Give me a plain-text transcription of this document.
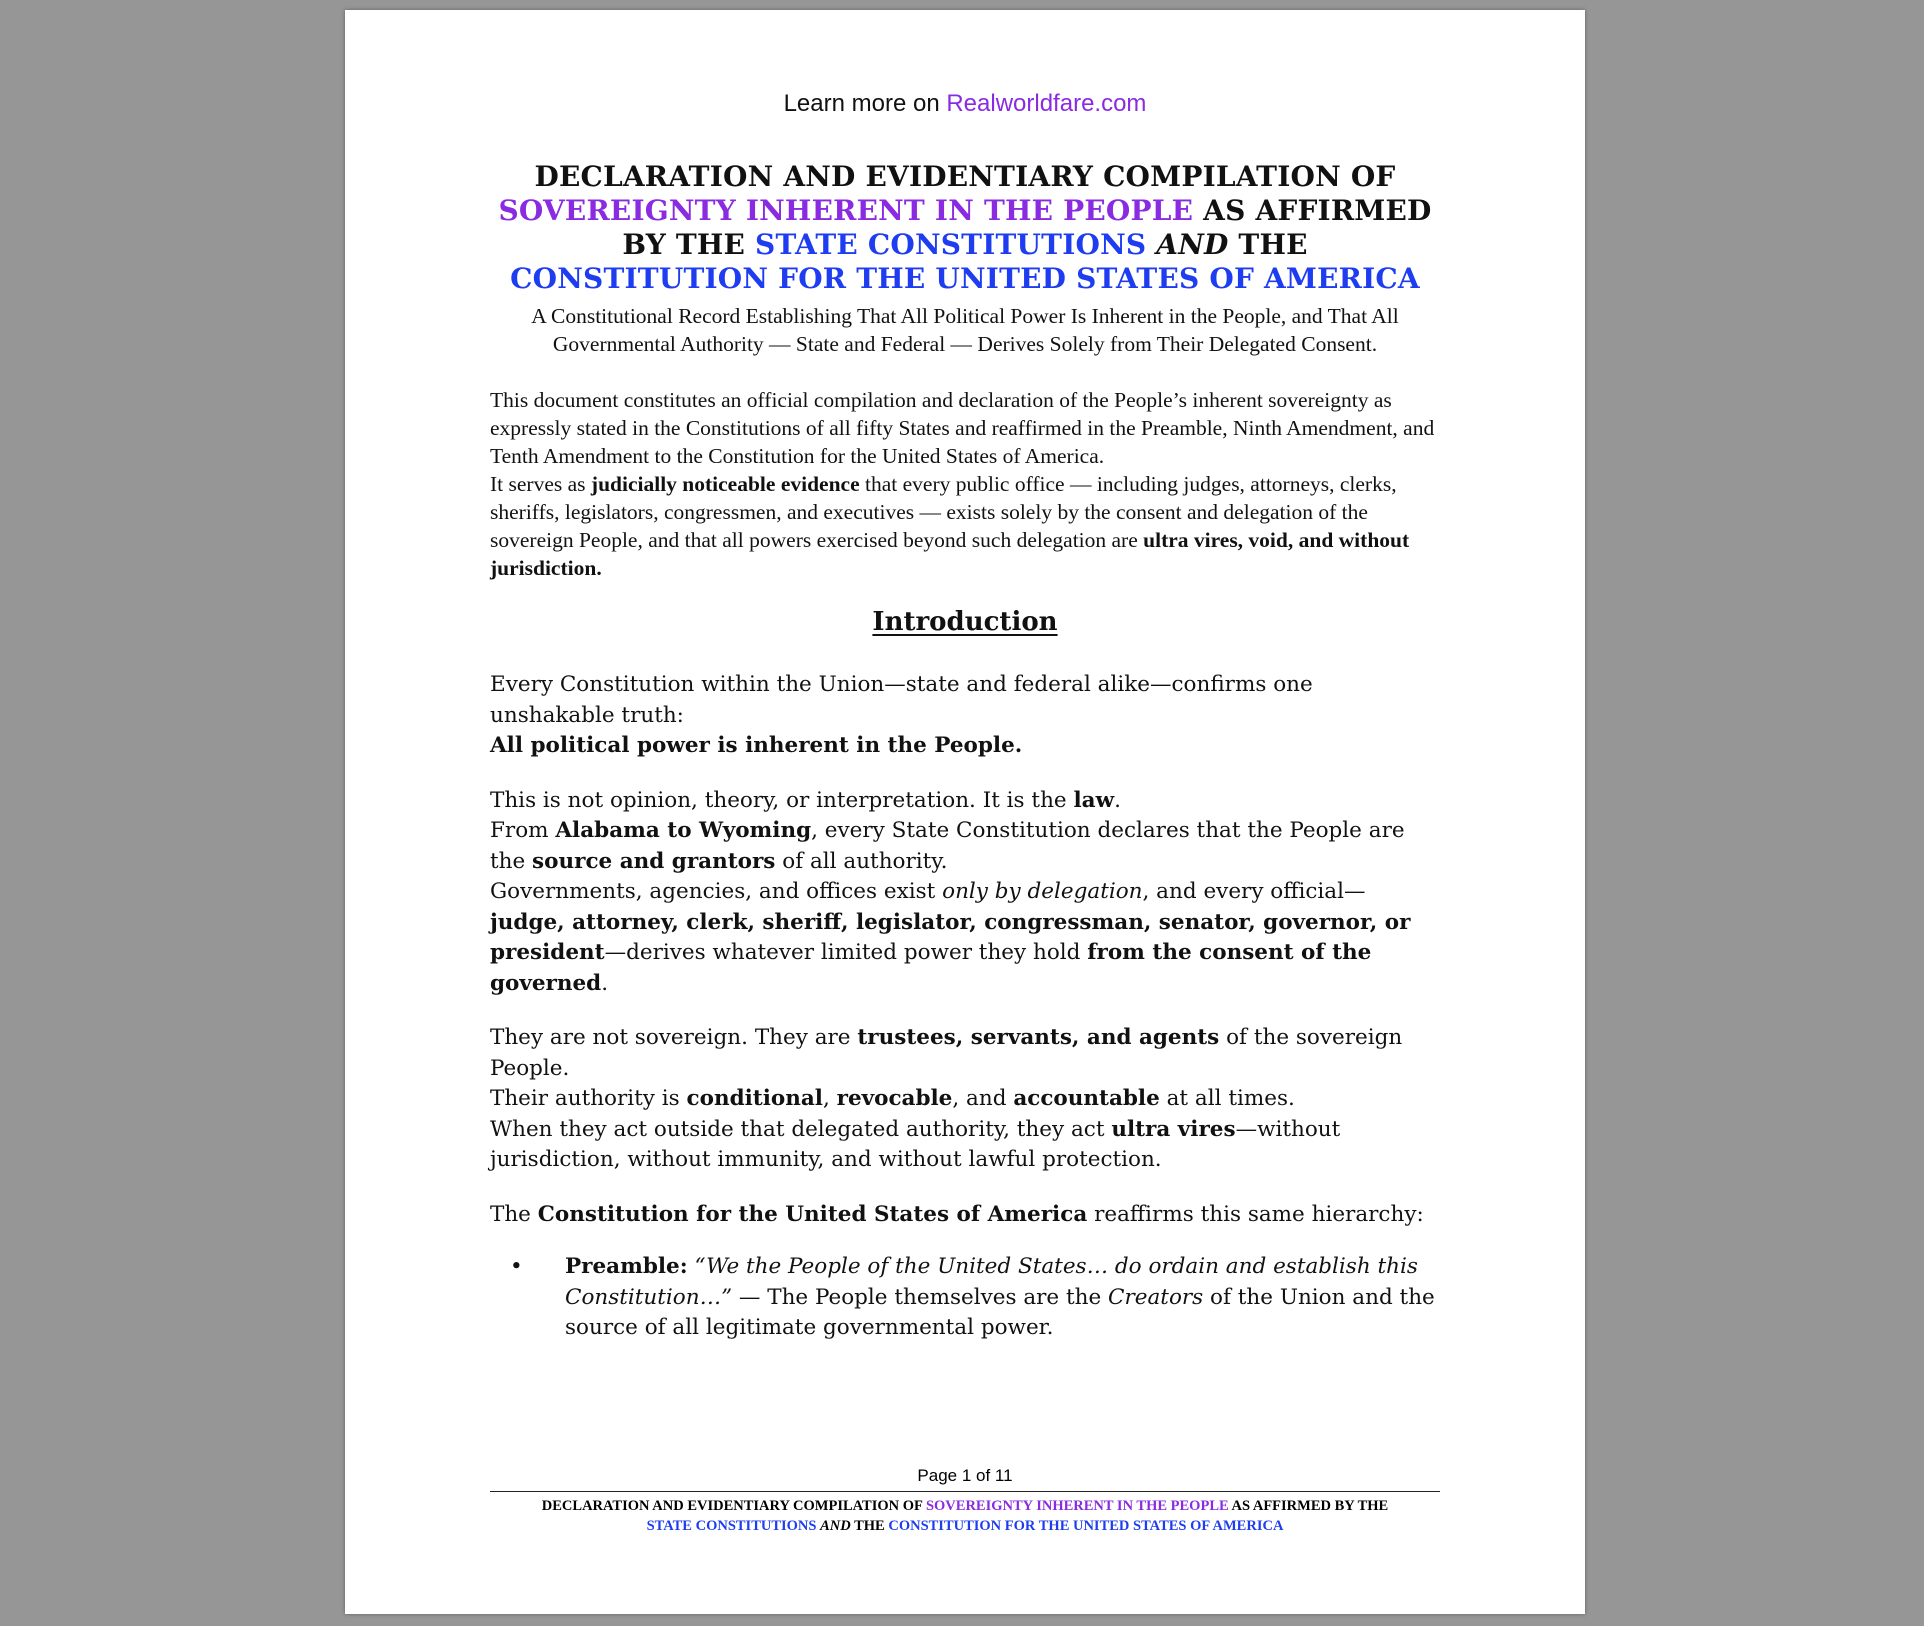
Learn more on Realworldfare.com
DECLARATION AND EVIDENTIARY COMPILATION OF SOVEREIGNTY INHERENT IN THE PEOPLE AS AFFIRMED BY THE STATE CONSTITUTIONS AND THE CONSTITUTION FOR THE UNITED STATES OF AMERICA

A Constitutional Record Establishing That All Political Power Is Inherent in the People, and That All Governmental Authority — State and Federal — Derives Solely from Their Delegated Consent.

This document constitutes an official compilation and declaration of the People’s inherent sovereignty as expressly stated in the Constitutions of all fifty States and reaffirmed in the Preamble, Ninth Amendment, and Tenth Amendment to the Constitution for the United States of America.

It serves as judicially noticeable evidence that every public office — including judges, attorneys, clerks, sheriffs, legislators, congressmen, and executives — exists solely by the consent and delegation of the sovereign People, and that all powers exercised beyond such delegation are ultra vires, void, and without jurisdiction.

Introduction

Every Constitution within the Union—state and federal alike—confirms one unshakable truth:

All political power is inherent in the People.

This is not opinion, theory, or interpretation. It is the law.

From Alabama to Wyoming, every State Constitution declares that the People are the source and grantors of all authority.

Governments, agencies, and offices exist only by delegation, and every official—judge, attorney, clerk, sheriff, legislator, congressman, senator, governor, or president—derives whatever limited power they hold from the consent of the governed.

They are not sovereign. They are trustees, servants, and agents of the sovereign People.

Their authority is conditional, revocable, and accountable at all times.

When they act outside that delegated authority, they act ultra vires—without jurisdiction, without immunity, and without lawful protection.

The Constitution for the United States of America reaffirms this same hierarchy:

• Preamble: “We the People of the United States… do ordain and establish this Constitution…” — The People themselves are the Creators of the Union and the source of all legitimate governmental power.
Page 1 of 11
DECLARATION AND EVIDENTIARY COMPILATION OF SOVEREIGNTY INHERENT IN THE PEOPLE AS AFFIRMED BY THE
STATE CONSTITUTIONS AND THE CONSTITUTION FOR THE UNITED STATES OF AMERICA
